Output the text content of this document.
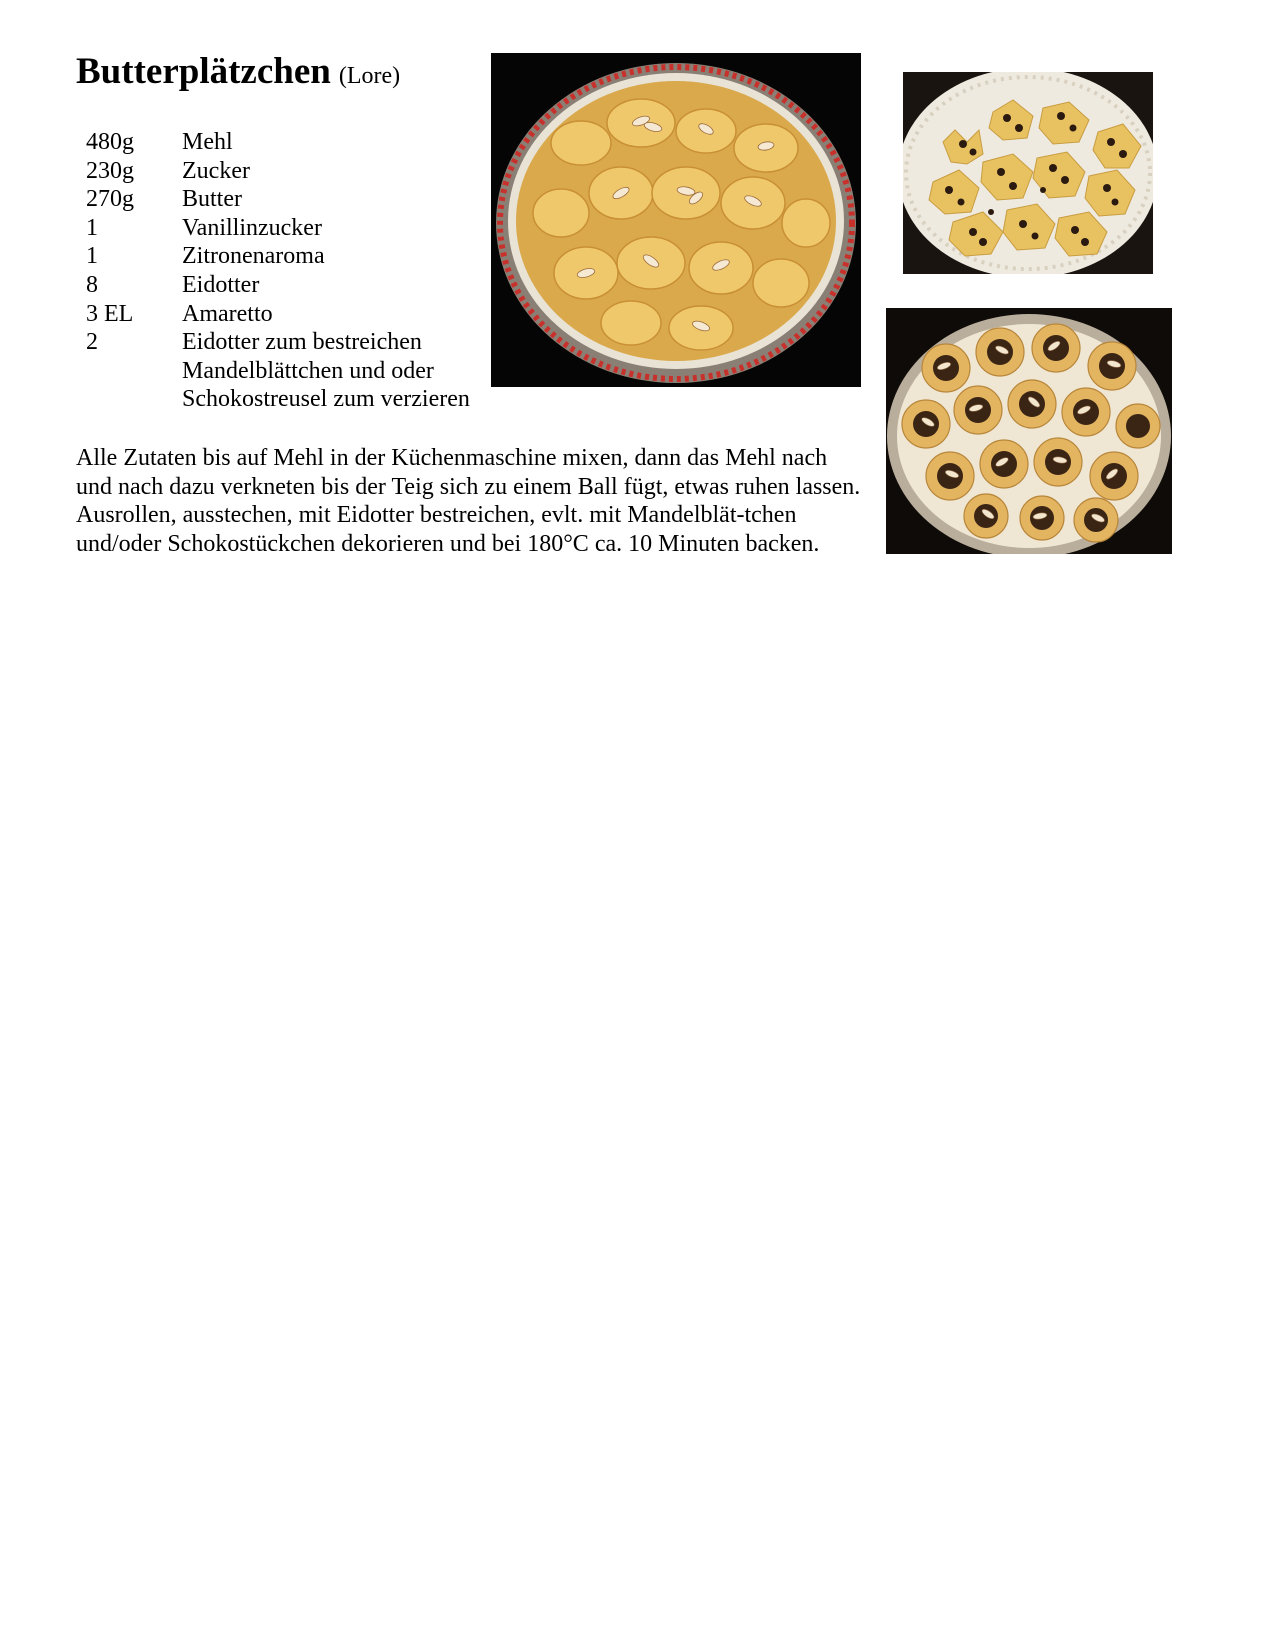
Butterplätzchen (Lore)
480g	Mehl
230g	Zucker
270g	Butter
1	Vanillinzucker
1	Zitronenaroma
8	Eidotter
3 EL	Amaretto
2	Eidotter zum bestreichen
Mandelblättchen und oder
Schokostreusel zum verzieren

Alle Zutaten bis auf Mehl in der Küchenmaschine mixen, dann das Mehl nach und nach dazu verkneten bis der Teig sich zu einem Ball fügt, etwas ruhen lassen. Ausrollen, ausstechen, mit Eidotter bestreichen, evlt. mit Mandelblät-tchen und/oder Schokostückchen dekorieren und bei 180°C ca. 10 Minuten backen.
